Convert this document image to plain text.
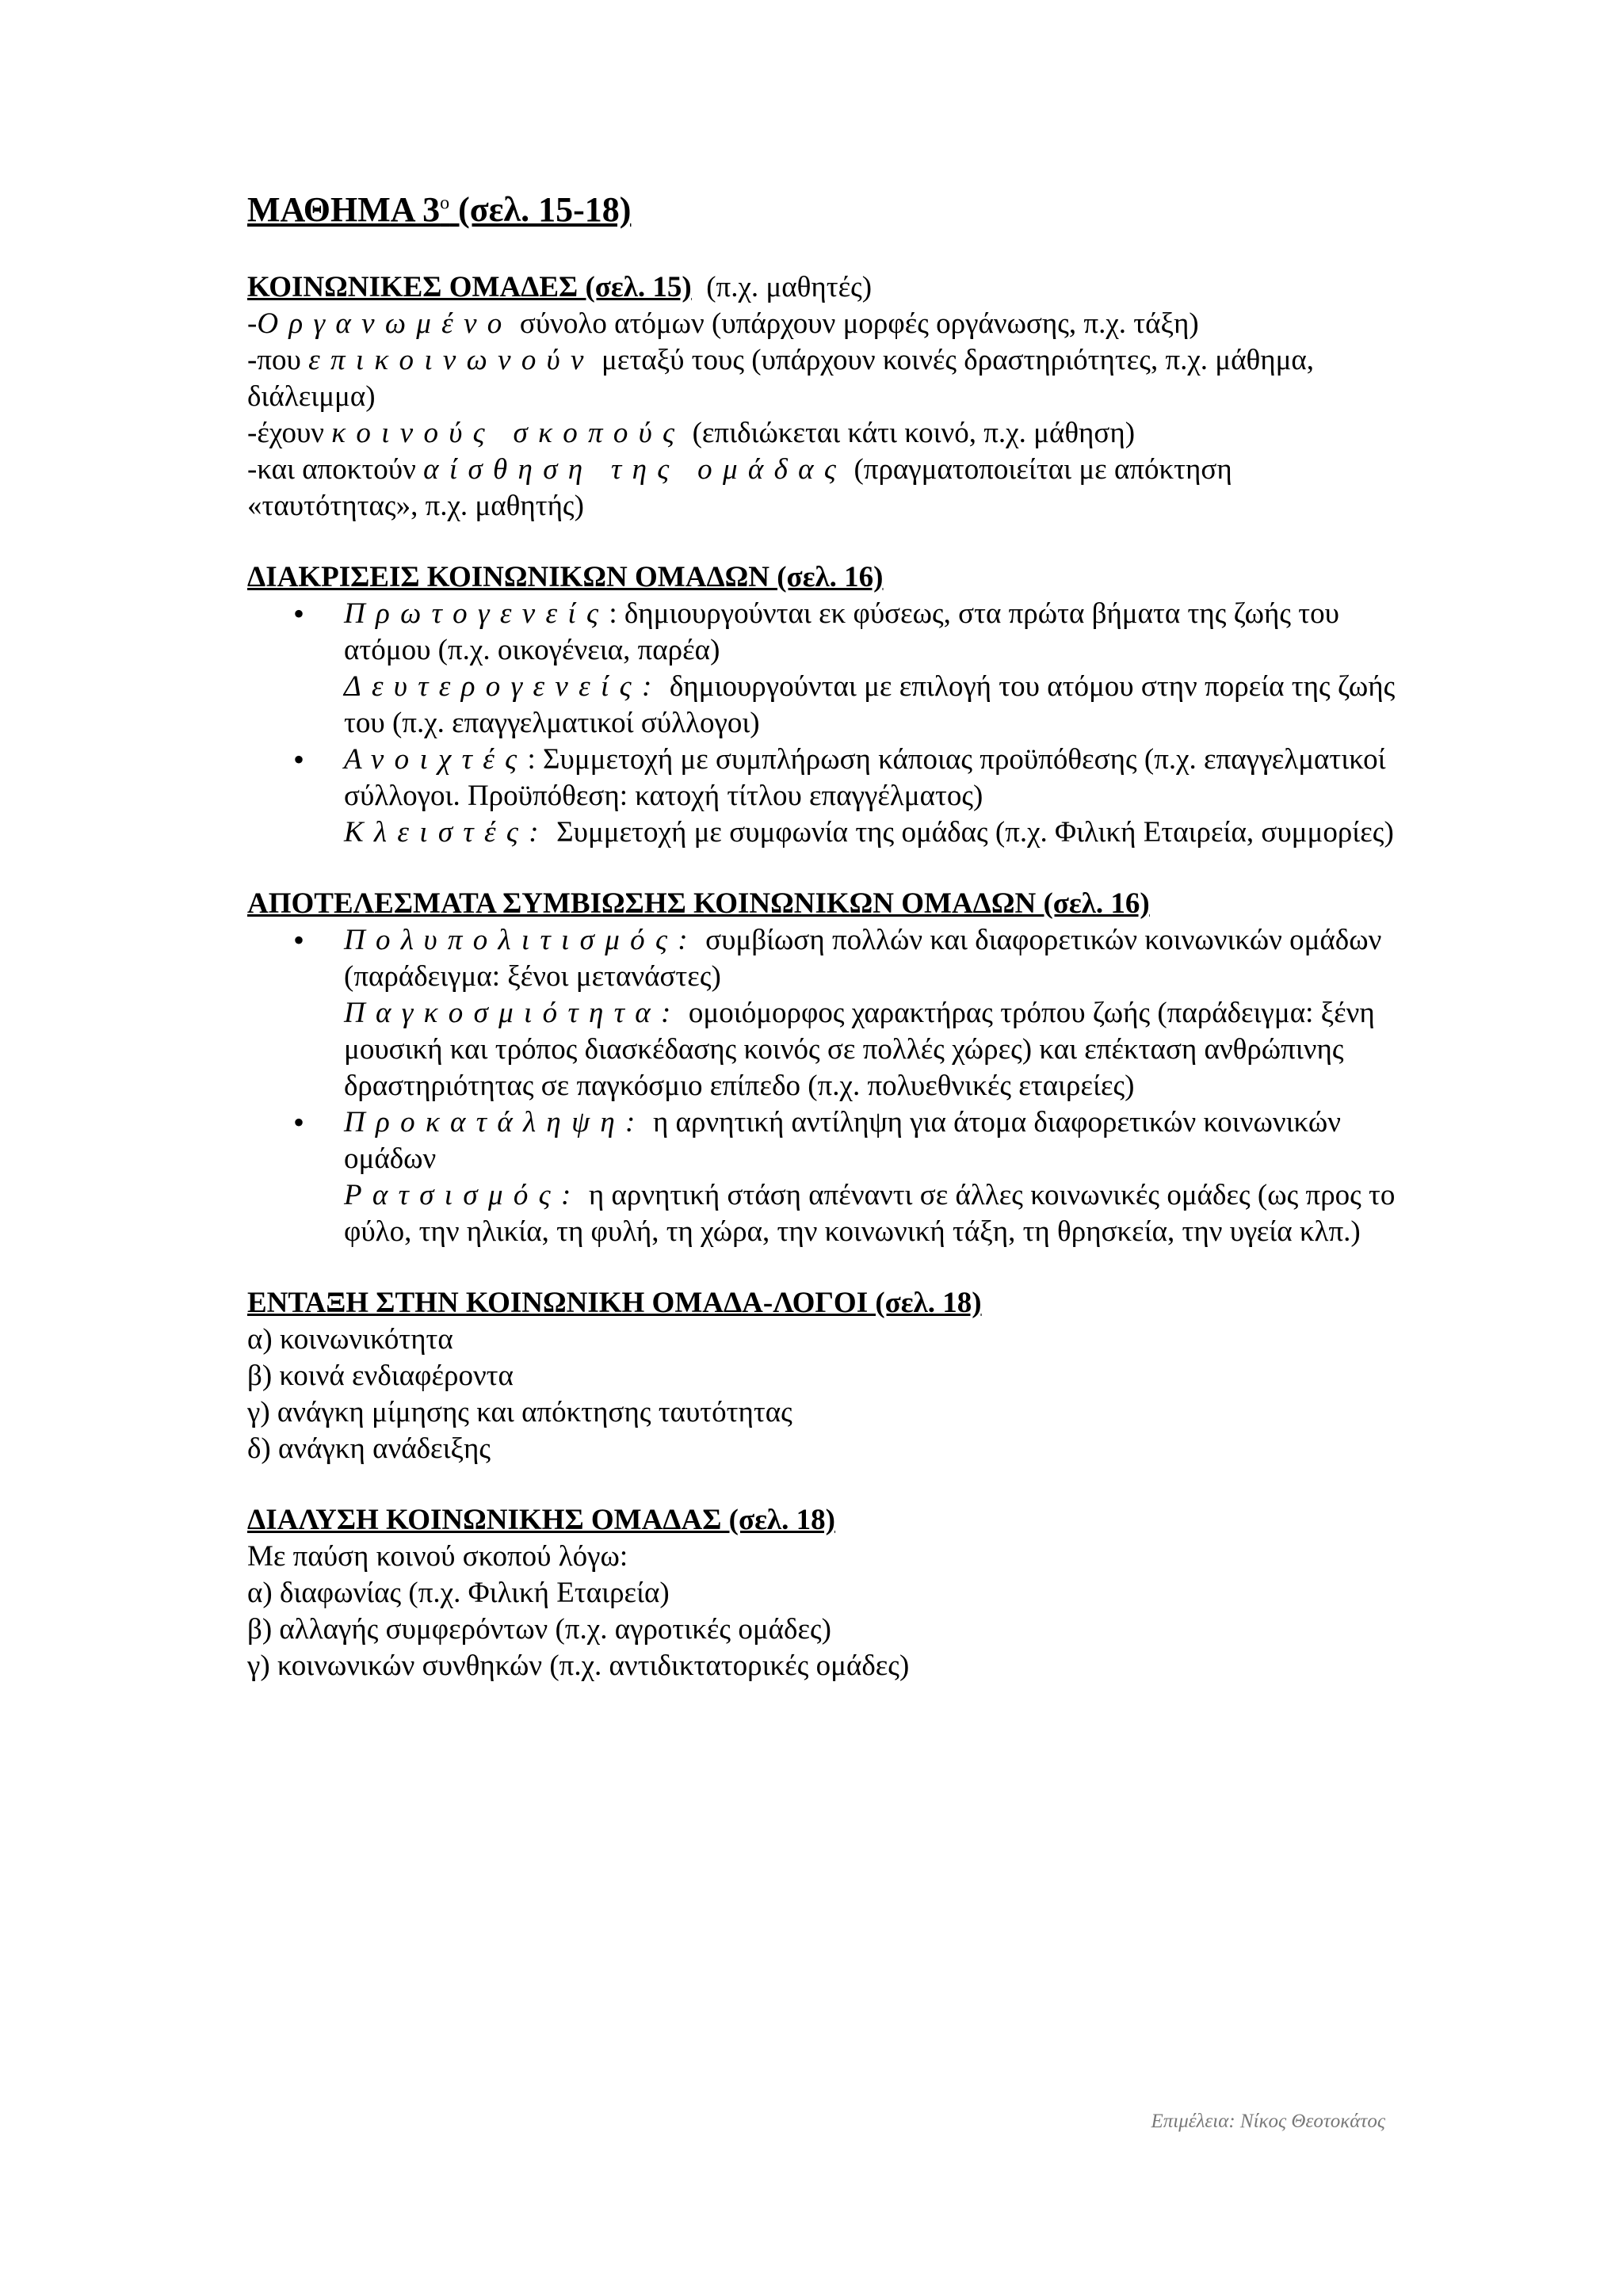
ΜΑΘΗΜΑ $3^o$ (σελ. 15-18)

ΚΟΙΝΩΝΙΚΕΣ ΟΜΑΔΕΣ (σελ. 15)  (π.χ. μαθητές)

-Οργανωμένο σύνολο ατόμων (υπάρχουν μορφές οργάνωσης, π.χ. τάξη)

-που επικοινωνούν μεταξύ τους (υπάρχουν κοινές δραστηριότητες, π.χ. μάθημα, διάλειμμα)

-έχουν κοινούς σκοπούς (επιδιώκεται κάτι κοινό, π.χ. μάθηση)

-και αποκτούν αίσθηση της ομάδας (πραγματοποιείται με απόκτηση «ταυτότητας», π.χ. μαθητής)

ΔΙΑΚΡΙΣΕΙΣ ΚΟΙΝΩΝΙΚΩΝ ΟΜΑΔΩΝ (σελ. 16)

• Πρωτογενείς: δημιουργούνται εκ φύσεως, στα πρώτα βήματα της ζωής του ατόμου (π.χ. οικογένεια, παρέα)

Δευτερογενείς: δημιουργούνται με επιλογή του ατόμου στην πορεία της ζωής του (π.χ. επαγγελματικοί σύλλογοι)

• Ανοιχτές: Συμμετοχή με συμπλήρωση κάποιας προϋπόθεσης (π.χ. επαγγελματικοί σύλλογοι. Προϋπόθεση: κατοχή τίτλου επαγγέλματος)

Κλειστές: Συμμετοχή με συμφωνία της ομάδας (π.χ. Φιλική Εταιρεία, συμμορίες)

ΑΠΟΤΕΛΕΣΜΑΤΑ ΣΥΜΒΙΩΣΗΣ ΚΟΙΝΩΝΙΚΩΝ ΟΜΑΔΩΝ (σελ. 16)

• Πολυπολιτισμός: συμβίωση πολλών και διαφορετικών κοινωνικών ομάδων (παράδειγμα: ξένοι μετανάστες)

Παγκοσμιότητα: ομοιόμορφος χαρακτήρας τρόπου ζωής (παράδειγμα: ξένη μουσική και τρόπος διασκέδασης κοινός σε πολλές χώρες) και επέκταση ανθρώπινης δραστηριότητας σε παγκόσμιο επίπεδο (π.χ. πολυεθνικές εταιρείες)

• Προκατάληψη: η αρνητική αντίληψη για άτομα διαφορετικών κοινωνικών ομάδων

Ρατσισμός: η αρνητική στάση απέναντι σε άλλες κοινωνικές ομάδες (ως προς το φύλο, την ηλικία, τη φυλή, τη χώρα, την κοινωνική τάξη, τη θρησκεία, την υγεία κλπ.)

ΕΝΤΑΞΗ ΣΤΗΝ ΚΟΙΝΩΝΙΚΗ ΟΜΑΔΑ-ΛΟΓΟΙ (σελ. 18)

α) κοινωνικότητα

β) κοινά ενδιαφέροντα

γ) ανάγκη μίμησης και απόκτησης ταυτότητας

δ) ανάγκη ανάδειξης

ΔΙΑΛΥΣΗ ΚΟΙΝΩΝΙΚΗΣ ΟΜΑΔΑΣ (σελ. 18)

Με παύση κοινού σκοπού λόγω:

α) διαφωνίας (π.χ. Φιλική Εταιρεία)

β) αλλαγής συμφερόντων (π.χ. αγροτικές ομάδες)

γ) κοινωνικών συνθηκών (π.χ. αντιδικτατορικές ομάδες)

Επιμέλεια: Νίκος Θεοτοκάτος
